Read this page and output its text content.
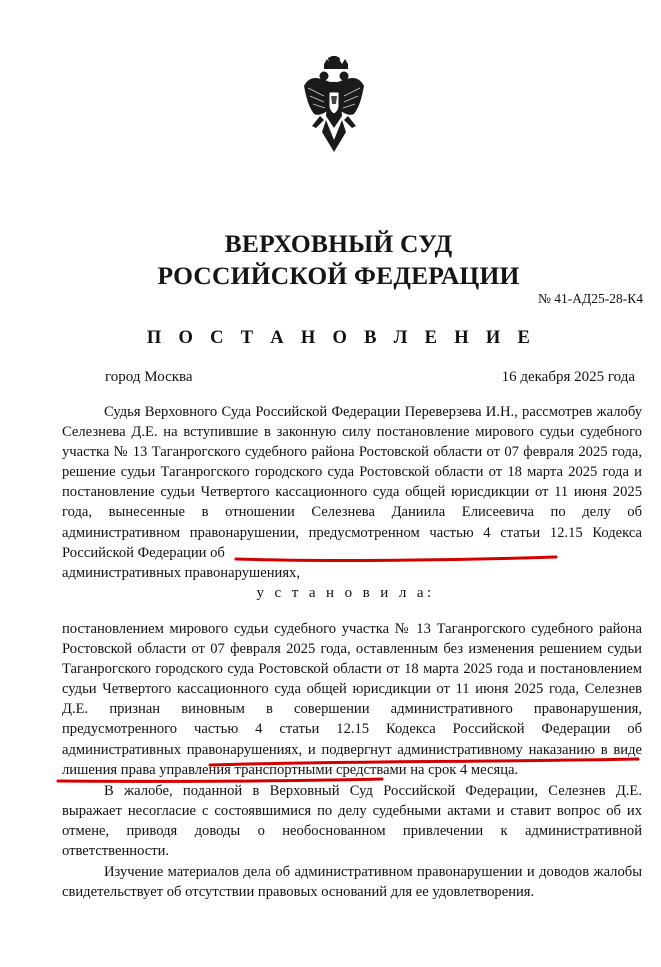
ВЕРХОВНЫЙ СУД
РОССИЙСКОЙ ФЕДЕРАЦИИ
№ 41-АД25-28-К4
П О С Т А Н О В Л Е Н И Е
город Москва	16 декабря 2025 года

Судья Верховного Суда Российской Федерации Переверзева И.Н., рассмотрев жалобу Селезнева Д.Е. на вступившие в законную силу постановление мирового судьи судебного участка № 13 Таганрогского судебного района Ростовской области от 07 февраля 2025 года, решение судьи Таганрогского городского суда Ростовской области от 18 марта 2025 года и постановление судьи Четвертого кассационного суда общей юрисдикции от 11 июня 2025 года, вынесенные в отношении Селезнева Даниила Елисеевича по делу об административном правонарушении, предусмотренном частью 4 статьи 12.15 Кодекса Российской Федерации об

административных правонарушениях,

у с т а н о в и л а:

постановлением мирового судьи судебного участка № 13 Таганрогского судебного района Ростовской области от 07 февраля 2025 года, оставленным без изменения решением судьи Таганрогского городского суда Ростовской области от 18 марта 2025 года и постановлением судьи Четвертого кассационного суда общей юрисдикции от 11 июня 2025 года, Селезнев Д.Е. признан виновным в совершении административного правонарушения, предусмотренного частью 4 статьи 12.15 Кодекса Российской Федерации об административных правонарушениях, и подвергнут административному наказанию в виде лишения права управления транспортными средствами на срок 4 месяца.

В жалобе, поданной в Верховный Суд Российской Федерации, Селезнев Д.Е. выражает несогласие с состоявшимися по делу судебными актами и ставит вопрос об их отмене, приводя доводы о необоснованном привлечении к административной ответственности.

Изучение материалов дела об административном правонарушении и доводов жалобы свидетельствует об отсутствии правовых оснований для ее удовлетворения.
